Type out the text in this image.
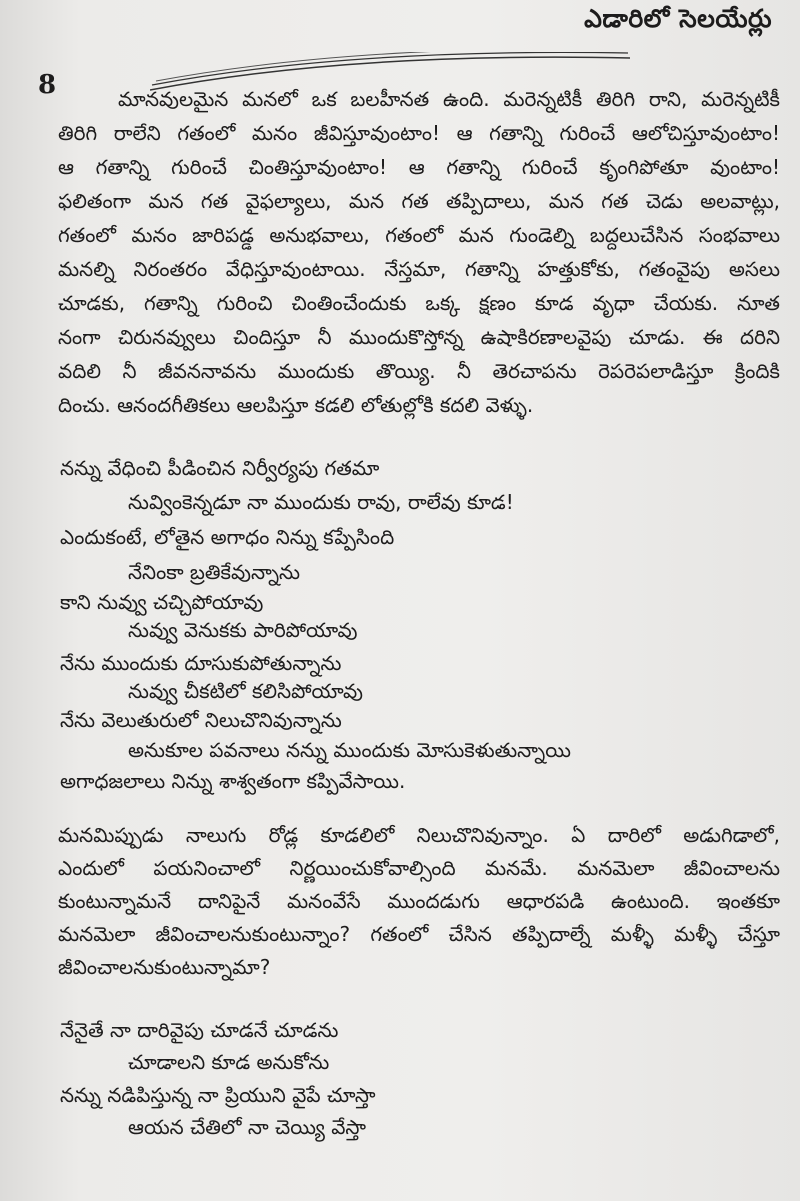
ఎడారిలో సెలయేర్లు
8	మానవులమైన మనలో ఒక బలహీనత ఉంది. మరెన్నటికీ తిరిగి రాని, మరెన్నటికీ
తిరిగి రాలేని గతంలో మనం జీవిస్తూవుంటాం! ఆ గతాన్ని గురించే ఆలోచిస్తూవుంటాం!
ఆ గతాన్ని గురించే చింతిస్తూవుంటాం! ఆ గతాన్ని గురించే కృంగిపోతూ వుంటాం!
ఫలితంగా మన గత వైఫల్యాలు, మన గత తప్పిదాలు, మన గత చెడు అలవాట్లు,
గతంలో మనం జారిపడ్డ అనుభవాలు, గతంలో మన గుండెల్ని బద్దలుచేసిన సంభవాలు
మనల్ని నిరంతరం వేధిస్తూవుంటాయి. నేస్తమా, గతాన్ని హత్తుకోకు, గతంవైపు అసలు
చూడకు, గతాన్ని గురించి చింతించేందుకు ఒక్క క్షణం కూడ వృధా చేయకు. నూత
నంగా చిరునవ్వులు చిందిస్తూ నీ ముందుకొస్తోన్న ఉషాకిరణాలవైపు చూడు. ఈ దరిని
వదిలి నీ జీవననావను ముందుకు తొయ్యి. నీ తెరచాపను రెపరెపలాడిస్తూ క్రిందికి
దించు. ఆనందగీతికలు ఆలపిస్తూ కడలి లోతుల్లోకి కదలి వెళ్ళు.
నన్ను వేధించి పీడించిన నిర్వీర్యపు గతమా
నువ్వింకెన్నడూ నా ముందుకు రావు, రాలేవు కూడ!
ఎందుకంటే, లోతైన అగాధం నిన్ను కప్పేసింది
నేనింకా బ్రతికేవున్నాను
కాని నువ్వు చచ్చిపోయావు
నువ్వు వెనుకకు పారిపోయావు
నేను ముందుకు దూసుకుపోతున్నాను
నువ్వు చీకటిలో కలిసిపోయావు
నేను వెలుతురులో నిలుచొనివున్నాను
అనుకూల పవనాలు నన్ను ముందుకు మోసుకెళుతున్నాయి
అగాధజలాలు నిన్ను శాశ్వతంగా కప్పివేసాయి.
మనమిప్పుడు నాలుగు రోడ్ల కూడలిలో నిలుచొనివున్నాం. ఏ దారిలో అడుగిడాలో,
ఎందులో పయనించాలో నిర్ణయించుకోవాల్సింది మనమే. మనమెలా జీవించాలను
కుంటున్నామనే దానిపైనే మనంవేసే ముందడుగు ఆధారపడి ఉంటుంది. ఇంతకూ
మనమెలా జీవించాలనుకుంటున్నాం? గతంలో చేసిన తప్పిదాల్నే మళ్ళీ మళ్ళీ చేస్తూ
జీవించాలనుకుంటున్నామా?
నేనైతే నా దారివైపు చూడనే చూడను
చూడాలని కూడ అనుకోను
నన్ను నడిపిస్తున్న నా ప్రియుని వైపే చూస్తా
ఆయన చేతిలో నా చెయ్యి వేస్తా
